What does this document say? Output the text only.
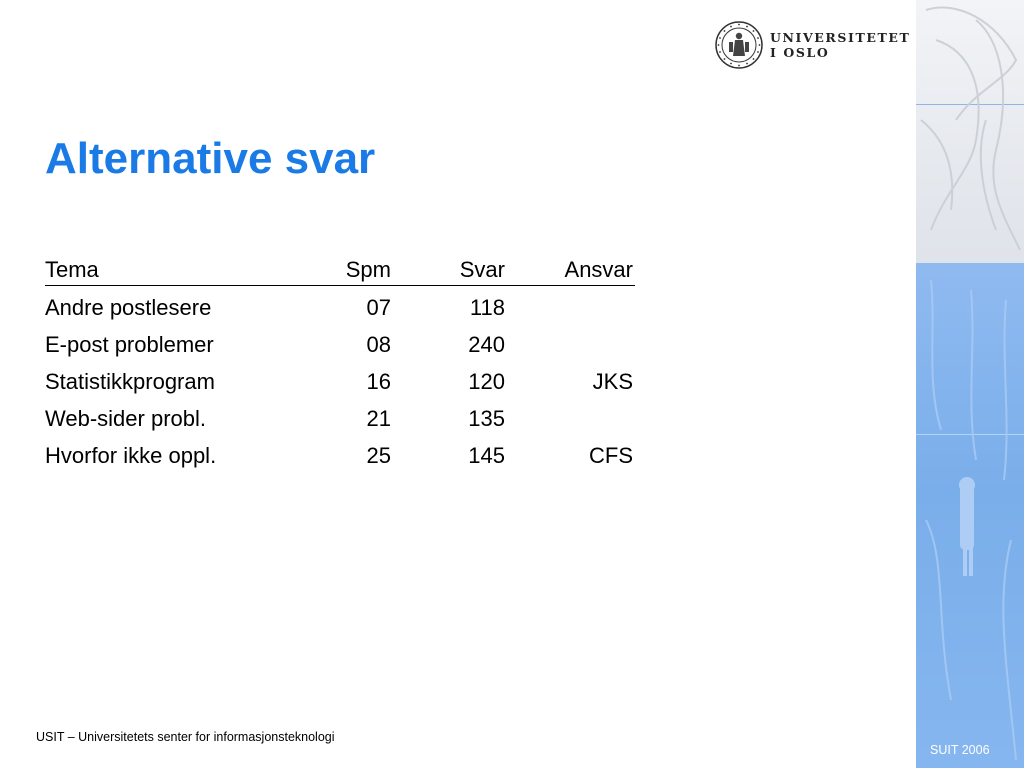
UNIVERSITETET
I OSLO
Alternative svar
Tema	Spm	Svar	Ansvar
Andre postlesere	07	118
E-post problemer	08	240
Statistikkprogram	16	120	JKS
Web-sider probl.	21	135
Hvorfor ikke oppl.	25	145	CFS
USIT – Universitetets senter for informasjonsteknologi
SUIT 2006
